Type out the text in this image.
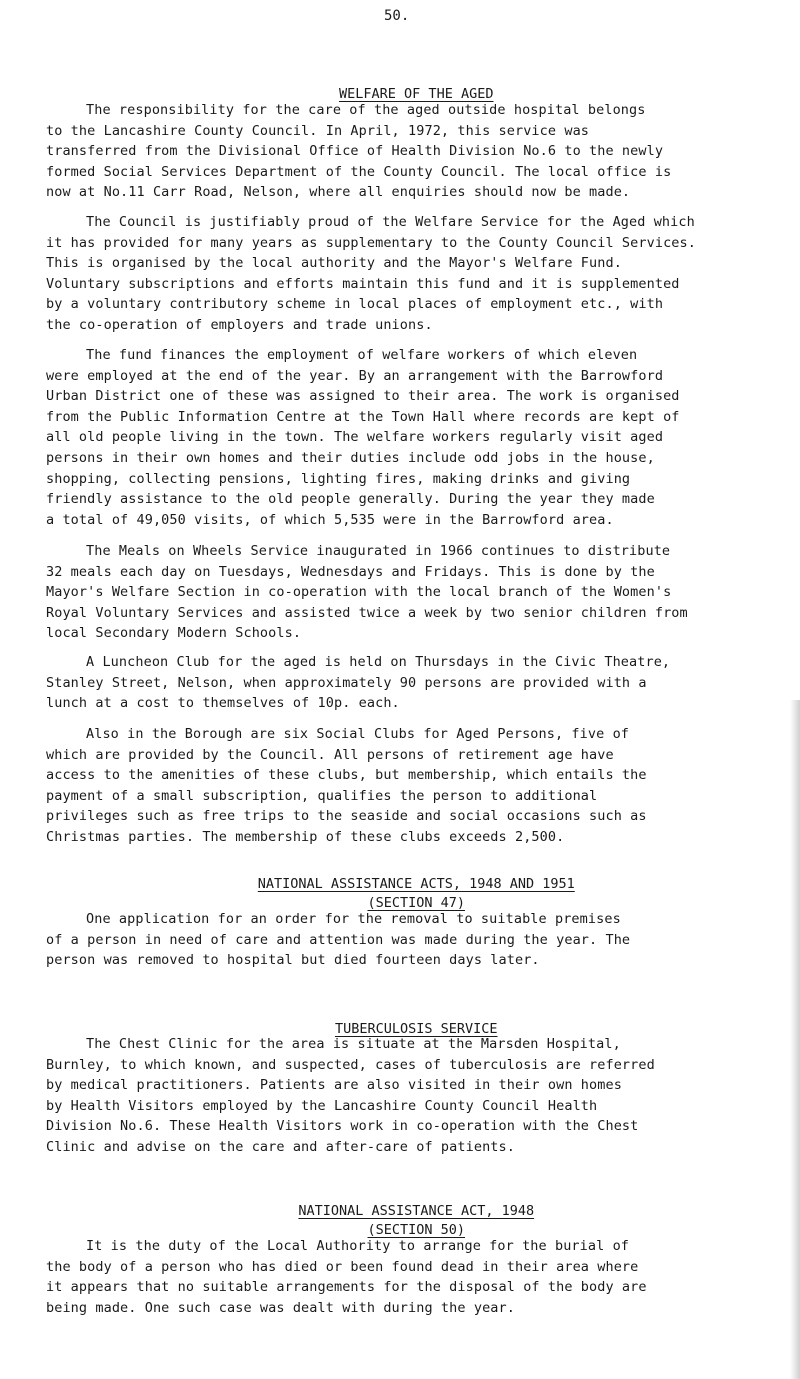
50.

WELFARE OF THE AGED

The responsibility for the care of the aged outside hospital belongs
to the Lancashire County Council. In April, 1972, this service was
transferred from the Divisional Office of Health Division No.6 to the newly
formed Social Services Department of the County Council. The local office is
now at No.11 Carr Road, Nelson, where all enquiries should now be made.
The Council is justifiably proud of the Welfare Service for the Aged which
it has provided for many years as supplementary to the County Council Services.
This is organised by the local authority and the Mayor's Welfare Fund.
Voluntary subscriptions and efforts maintain this fund and it is supplemented
by a voluntary contributory scheme in local places of employment etc., with
the co-operation of employers and trade unions.
The fund finances the employment of welfare workers of which eleven
were employed at the end of the year. By an arrangement with the Barrowford
Urban District one of these was assigned to their area. The work is organised
from the Public Information Centre at the Town Hall where records are kept of
all old people living in the town. The welfare workers regularly visit aged
persons in their own homes and their duties include odd jobs in the house,
shopping, collecting pensions, lighting fires, making drinks and giving
friendly assistance to the old people generally. During the year they made
a total of 49,050 visits, of which 5,535 were in the Barrowford area.
The Meals on Wheels Service inaugurated in 1966 continues to distribute
32 meals each day on Tuesdays, Wednesdays and Fridays. This is done by the
Mayor's Welfare Section in co-operation with the local branch of the Women's
Royal Voluntary Services and assisted twice a week by two senior children from
local Secondary Modern Schools.
A Luncheon Club for the aged is held on Thursdays in the Civic Theatre,
Stanley Street, Nelson, when approximately 90 persons are provided with a
lunch at a cost to themselves of 10p. each.
Also in the Borough are six Social Clubs for Aged Persons, five of
which are provided by the Council. All persons of retirement age have
access to the amenities of these clubs, but membership, which entails the
payment of a small subscription, qualifies the person to additional
privileges such as free trips to the seaside and social occasions such as
Christmas parties. The membership of these clubs exceeds 2,500.

NATIONAL ASSISTANCE ACTS, 1948 AND 1951

(SECTION 47)

One application for an order for the removal to suitable premises
of a person in need of care and attention was made during the year. The
person was removed to hospital but died fourteen days later.

TUBERCULOSIS SERVICE

The Chest Clinic for the area is situate at the Marsden Hospital,
Burnley, to which known, and suspected, cases of tuberculosis are referred
by medical practitioners. Patients are also visited in their own homes
by Health Visitors employed by the Lancashire County Council Health
Division No.6. These Health Visitors work in co-operation with the Chest
Clinic and advise on the care and after-care of patients.

NATIONAL ASSISTANCE ACT, 1948

(SECTION 50)

It is the duty of the Local Authority to arrange for the burial of
the body of a person who has died or been found dead in their area where
it appears that no suitable arrangements for the disposal of the body are
being made. One such case was dealt with during the year.
